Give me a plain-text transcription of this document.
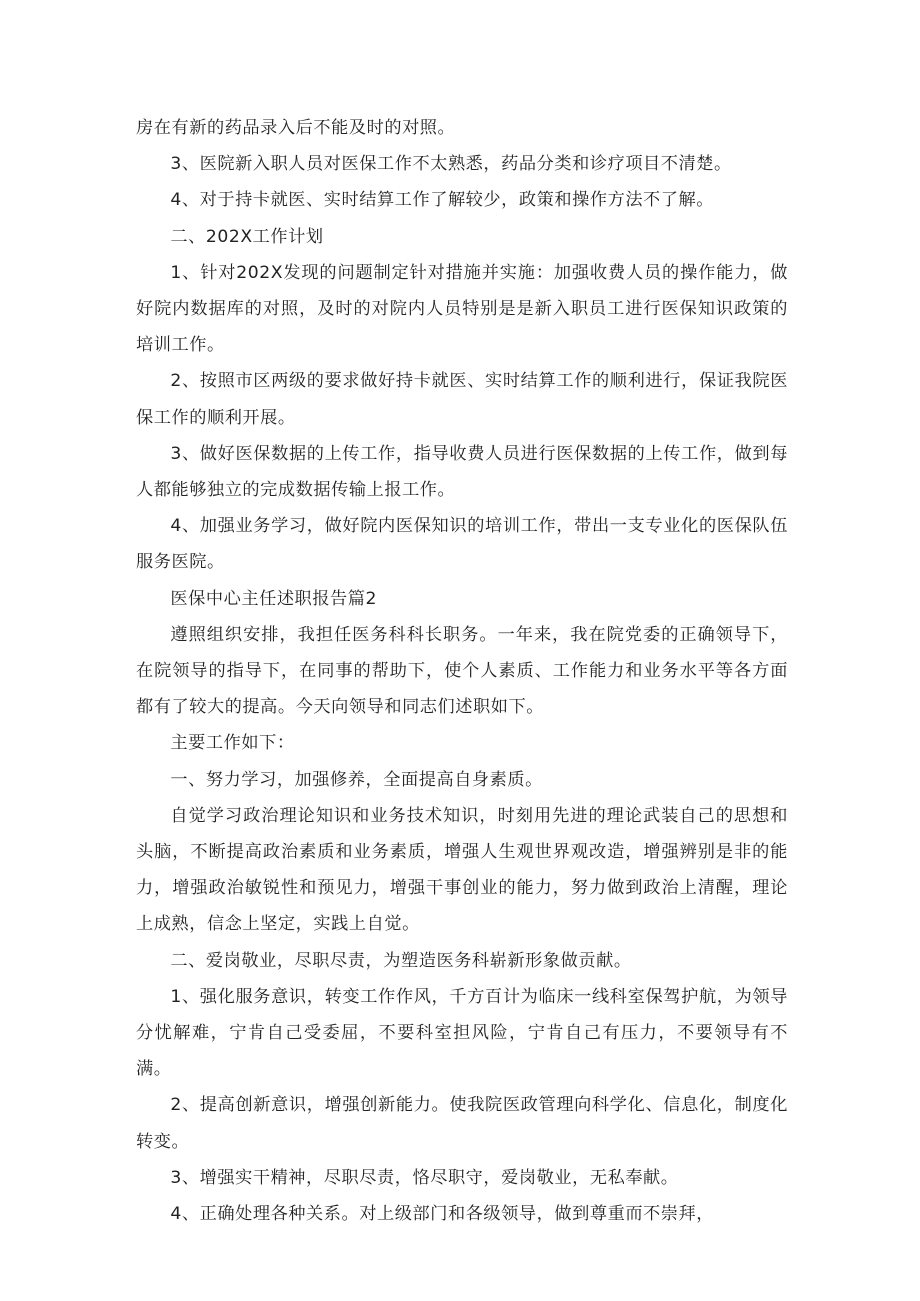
房在有新的药品录入后不能及时的对照。

3、医院新入职人员对医保工作不太熟悉，药品分类和诊疗项目不清楚。

4、对于持卡就医、实时结算工作了解较少，政策和操作方法不了解。

二、202X工作计划

1、针对202X发现的问题制定针对措施并实施：加强收费人员的操作能力，做好院内数据库的对照，及时的对院内人员特别是是新入职员工进行医保知识政策的培训工作。

2、按照市区两级的要求做好持卡就医、实时结算工作的顺利进行，保证我院医保工作的顺利开展。

3、做好医保数据的上传工作，指导收费人员进行医保数据的上传工作，做到每人都能够独立的完成数据传输上报工作。

4、加强业务学习，做好院内医保知识的培训工作，带出一支专业化的医保队伍服务医院。

医保中心主任述职报告篇2

遵照组织安排，我担任医务科科长职务。一年来，我在院党委的正确领导下，在院领导的指导下，在同事的帮助下，使个人素质、工作能力和业务水平等各方面都有了较大的提高。今天向领导和同志们述职如下。

主要工作如下：

一、努力学习，加强修养，全面提高自身素质。

自觉学习政治理论知识和业务技术知识，时刻用先进的理论武装自己的思想和头脑，不断提高政治素质和业务素质，增强人生观世界观改造，增强辨别是非的能力，增强政治敏锐性和预见力，增强干事创业的能力，努力做到政治上清醒，理论上成熟，信念上坚定，实践上自觉。

二、爱岗敬业，尽职尽责，为塑造医务科崭新形象做贡献。

1、强化服务意识，转变工作作风，千方百计为临床一线科室保驾护航，为领导分忧解难，宁肯自己受委屈，不要科室担风险，宁肯自己有压力，不要领导有不满。

2、提高创新意识，增强创新能力。使我院医政管理向科学化、信息化，制度化转变。

3、增强实干精神，尽职尽责，恪尽职守，爱岗敬业，无私奉献。

4、正确处理各种关系。对上级部门和各级领导，做到尊重而不崇拜，
